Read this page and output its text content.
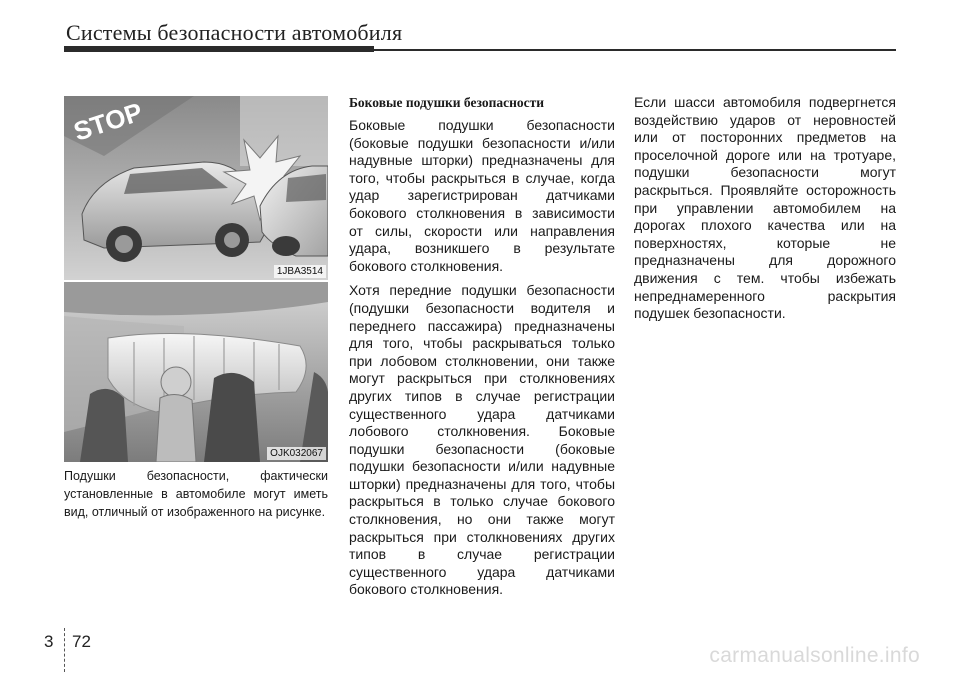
Системы безопасности автомобиля
STOP
1JBA3514
OJK032067
Подушки безопасности, фактически установленные в автомобиле могут иметь вид, отличный от изображенного на рисунке.
Боковые подушки безопасности

Боковые подушки безопасности (боковые подушки безопасности и/или надувные шторки) предназначены для того, чтобы раскрыться в случае, когда удар зарегистрирован датчиками бокового столкновения в зависимости от силы, скорости или направления удара, возникшего в результате бокового столкновения.

Хотя передние подушки безопасности (подушки безопасности водителя и переднего пассажира) предназначены для того, чтобы раскрываться только при лобовом столкновении, они также могут раскрыться при столкновениях других типов в случае регистрации существенного удара датчиками лобового столкновения. Боковые подушки безопасности (боковые подушки безопасности и/или надувные шторки) предназначены для того, чтобы раскрыться в только случае бокового столкновения, но они также могут раскрыться при столкновениях других типов в случае регистрации существенного удара датчиками бокового столкновения.

Если шасси автомобиля подвергнется воздействию ударов от неровностей или от посторонних предметов на проселочной дороге или на тротуаре, подушки безопасности могут раскрыться. Проявляйте осторожность при управлении автомобилем на дорогах плохого качества или на поверхностях, которые не предназначены для дорожного движения с тем. чтобы избежать непреднамеренного раскрытия подушек безопасности.

3 72
carmanualsonline.info
